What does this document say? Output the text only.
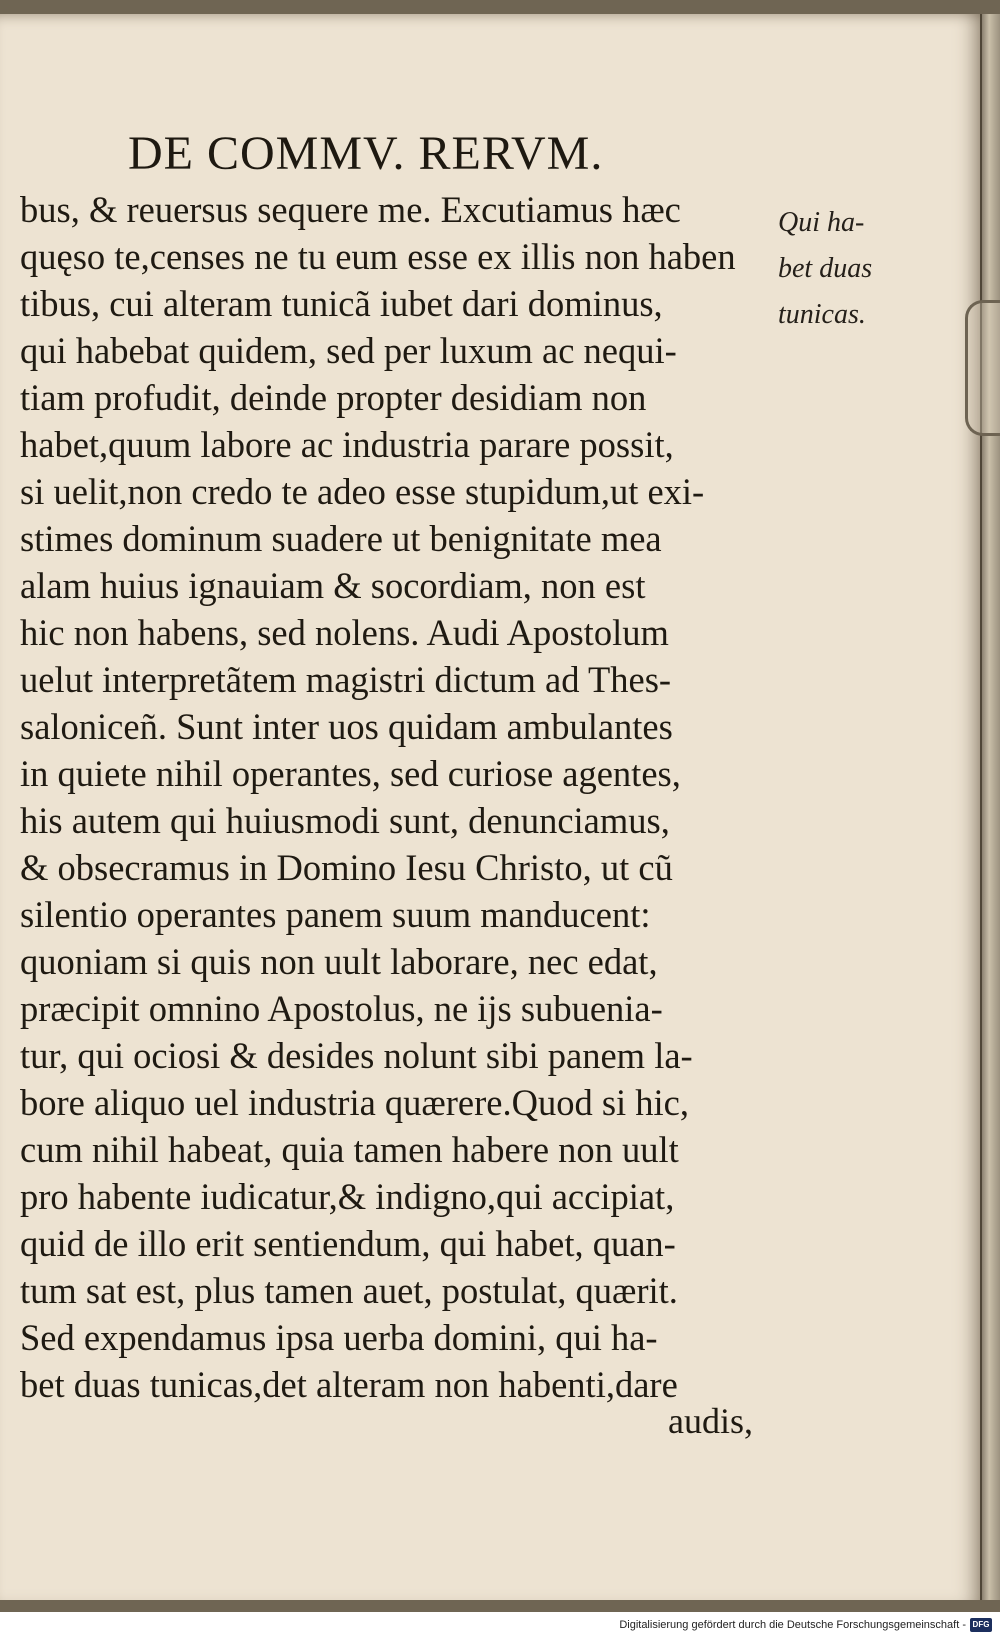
DE COMMV. RERVM.
bus, & reuersus sequere me. Excutiamus hæc
quęso te,censes ne tu eum esse ex illis non haben
tibus, cui alteram tunicã iubet dari dominus,
qui habebat quidem, sed per luxum ac nequi-
tiam profudit, deinde propter desidiam non
habet,quum labore ac industria parare possit,
si uelit,non credo te adeo esse stupidum,ut exi-
stimes dominum suadere ut benignitate mea
alam huius ignauiam & socordiam, non est
hic non habens, sed nolens. Audi Apostolum
uelut interpretãtem magistri dictum ad Thes-
saloniceñ. Sunt inter uos quidam ambulantes
in quiete nihil operantes, sed curiose agentes,
his autem qui huiusmodi sunt, denunciamus,
& obsecramus in Domino Iesu Christo, ut cũ
silentio operantes panem suum manducent:
quoniam si quis non uult laborare, nec edat,
præcipit omnino Apostolus, ne ijs subuenia-
tur, qui ociosi & desides nolunt sibi panem la-
bore aliquo uel industria quærere.Quod si hic,
cum nihil habeat, quia tamen habere non uult
pro habente iudicatur,& indigno,qui accipiat,
quid de illo erit sentiendum, qui habet, quan-
tum sat est, plus tamen auet, postulat, quærit.
Sed expendamus ipsa uerba domini, qui ha-
bet duas tunicas,det alteram non habenti,dare
Qui ha-
bet duas
tunicas.
audis,
Digitalisierung gefördert durch die Deutsche Forschungsgemeinschaft - DFG
